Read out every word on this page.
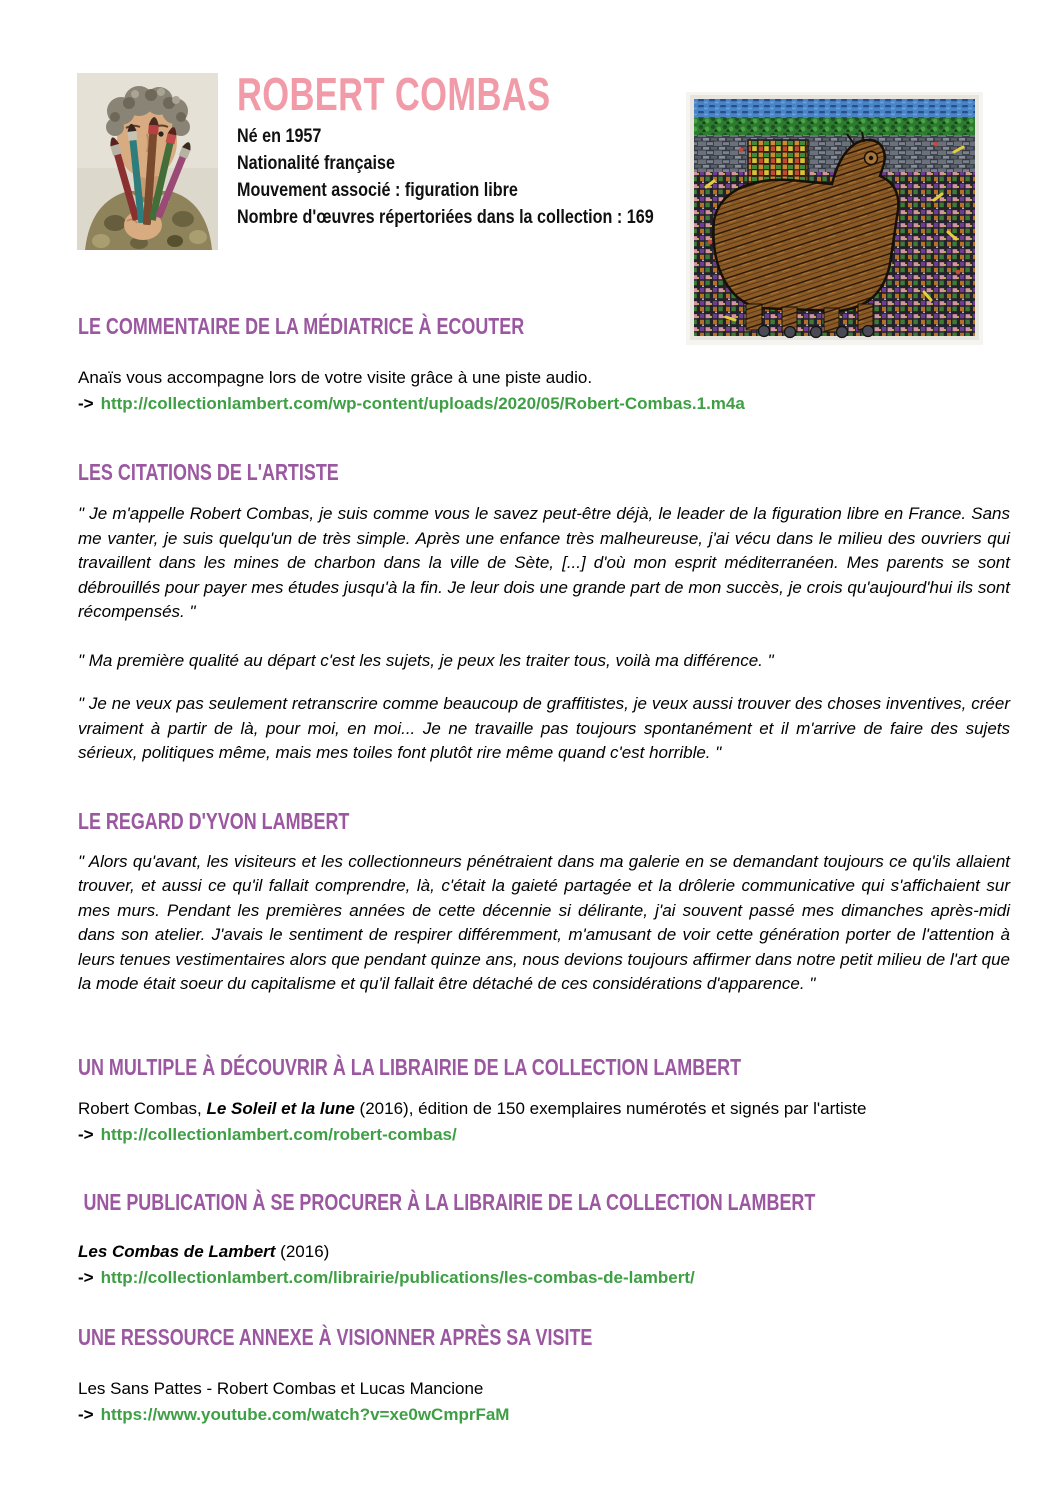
ROBERT COMBAS
Né en 1957
Nationalité française
Mouvement associé : figuration libre
Nombre d'œuvres répertoriées dans la collection : 169
LE COMMENTAIRE DE LA MÉDIATRICE À ECOUTER

Anaïs vous accompagne lors de votre visite grâce à une piste audio.

-> http://collectionlambert.com/wp-content/uploads/2020/05/Robert-Combas.1.m4a

LES CITATIONS DE L'ARTISTE

" Je m'appelle Robert Combas, je suis comme vous le savez peut-être déjà, le leader de la figuration libre en France. Sans me vanter, je suis quelqu'un de très simple. Après une enfance très malheureuse, j'ai vécu dans le milieu des ouvriers qui travaillent dans les mines de charbon dans la ville de Sète, [...] d'où mon esprit méditerranéen. Mes parents se sont débrouillés pour payer mes études jusqu'à la fin. Je leur dois une grande part de mon succès, je crois qu'aujourd'hui ils sont récompensés. "

" Ma première qualité au départ c'est les sujets, je peux les traiter tous, voilà ma différence. "

" Je ne veux pas seulement retranscrire comme beaucoup de graffitistes, je veux aussi trouver des choses inventives, créer vraiment à partir de là, pour moi, en moi... Je ne travaille pas toujours spontanément et il m'arrive de faire des sujets sérieux, politiques même, mais mes toiles font plutôt rire même quand c'est horrible. "

LE REGARD D'YVON LAMBERT

" Alors qu'avant, les visiteurs et les collectionneurs pénétraient dans ma galerie en se demandant toujours ce qu'ils allaient trouver, et aussi ce qu'il fallait comprendre, là, c'était la gaieté partagée et la drôlerie communicative qui s'affichaient sur mes murs. Pendant les premières années de cette décennie si délirante, j'ai souvent passé mes dimanches après-midi dans son atelier. J'avais le sentiment de respirer différemment, m'amusant de voir cette génération porter de l'attention à leurs tenues vestimentaires alors que pendant quinze ans, nous devions toujours affirmer dans notre petit milieu de l'art que la mode était soeur du capitalisme et qu'il fallait être détaché de ces considérations d'apparence. "

UN MULTIPLE À DÉCOUVRIR À LA LIBRAIRIE DE LA COLLECTION LAMBERT

Robert Combas, Le Soleil et la lune (2016), édition de 150 exemplaires numérotés et signés par l'artiste

-> http://collectionlambert.com/robert-combas/

UNE PUBLICATION À SE PROCURER À LA LIBRAIRIE DE LA COLLECTION LAMBERT

Les Combas de Lambert (2016)

-> http://collectionlambert.com/librairie/publications/les-combas-de-lambert/

UNE RESSOURCE ANNEXE À VISIONNER APRÈS SA VISITE

Les Sans Pattes - Robert Combas et Lucas Mancione

-> https://www.youtube.com/watch?v=xe0wCmprFaM
